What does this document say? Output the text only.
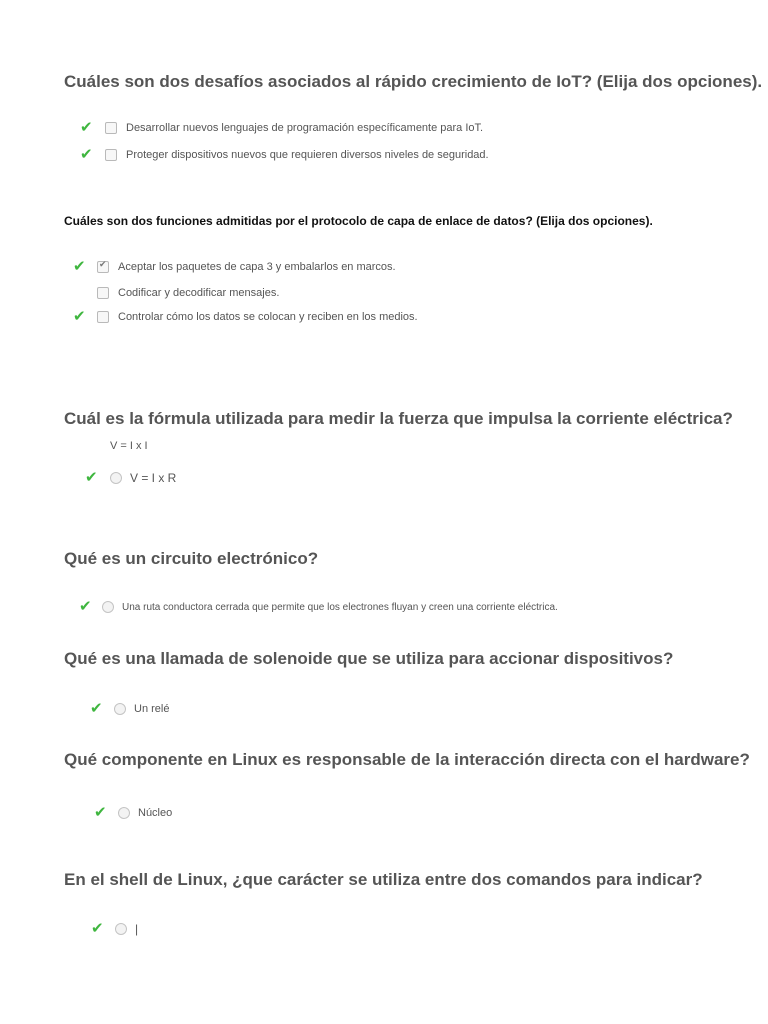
Cuáles son dos desafíos asociados al rápido crecimiento de IoT? (Elija dos opciones).
✔	Desarrollar nuevos lenguajes de programación específicamente para IoT.
✔	Proteger dispositivos nuevos que requieren diversos niveles de seguridad.
Cuáles son dos funciones admitidas por el protocolo de capa de enlace de datos? (Elija dos opciones).
✔
✔	Aceptar los paquetes de capa 3 y embalarlos en marcos.
Codificar y decodificar mensajes.
✔	Controlar cómo los datos se colocan y reciben en los medios.
Cuál es la fórmula utilizada para medir la fuerza que impulsa la corriente eléctrica?
V = I x I
✔	V = I x R
Qué es un circuito electrónico?
✔	Una ruta conductora cerrada que permite que los electrones fluyan y creen una corriente eléctrica.
Qué es una llamada de solenoide que se utiliza para accionar dispositivos?
✔	Un relé
Qué componente en Linux es responsable de la interacción directa con el hardware?
✔	Núcleo
En el shell de Linux, ¿que carácter se utiliza entre dos comandos para indicar?
✔	|
